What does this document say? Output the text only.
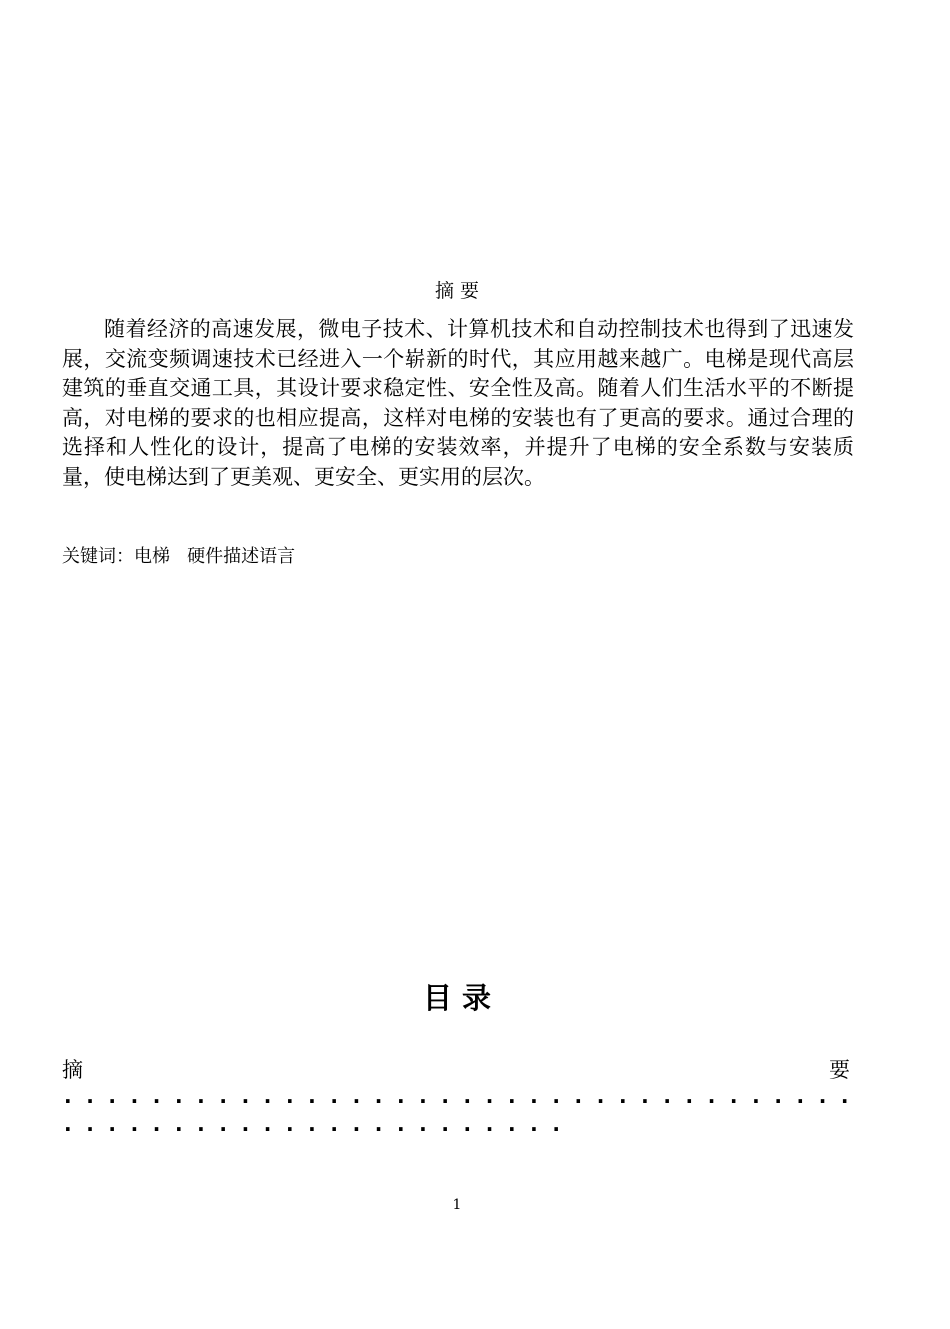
摘 要

随着经济的高速发展，微电子技术、计算机技术和自动控制技术也得到了迅速发展，交流变频调速技术已经进入一个崭新的时代，其应用越来越广。电梯是现代高层建筑的垂直交通工具，其设计要求稳定性、安全性及高。随着人们生活水平的不断提高，对电梯的要求的也相应提高，这样对电梯的安装也有了更高的要求。通过合理的选择和人性化的设计，提高了电梯的安装效率，并提升了电梯的安全系数与安装质量，使电梯达到了更美观、更安全、更实用的层次。

关键词：电梯   硬件描述语言
目 录
摘	要
....................................
.......................
1
